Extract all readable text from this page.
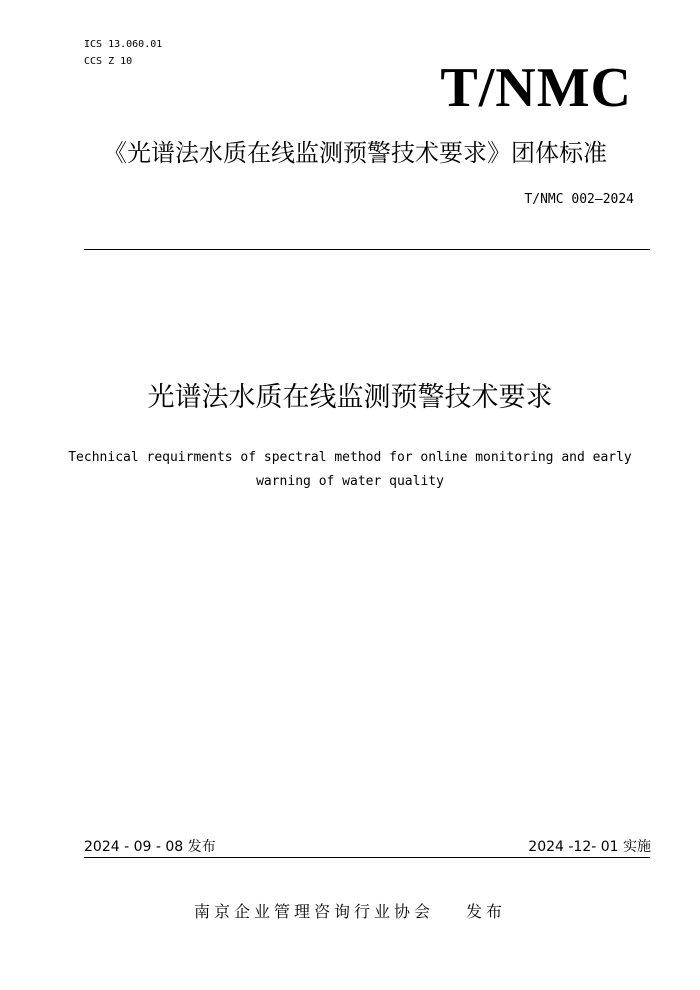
ICS 13.060.01
CCS Z 10	T/NMC
《光谱法水质在线监测预警技术要求》团体标准
T/NMC 002—2024
光谱法水质在线监测预警技术要求
Technical requirments of spectral method for online monitoring and early
warning of water quality
2024 - 09 - 08 发布	2024 -12- 01 实施
南京企业管理咨询行业协会 发布
